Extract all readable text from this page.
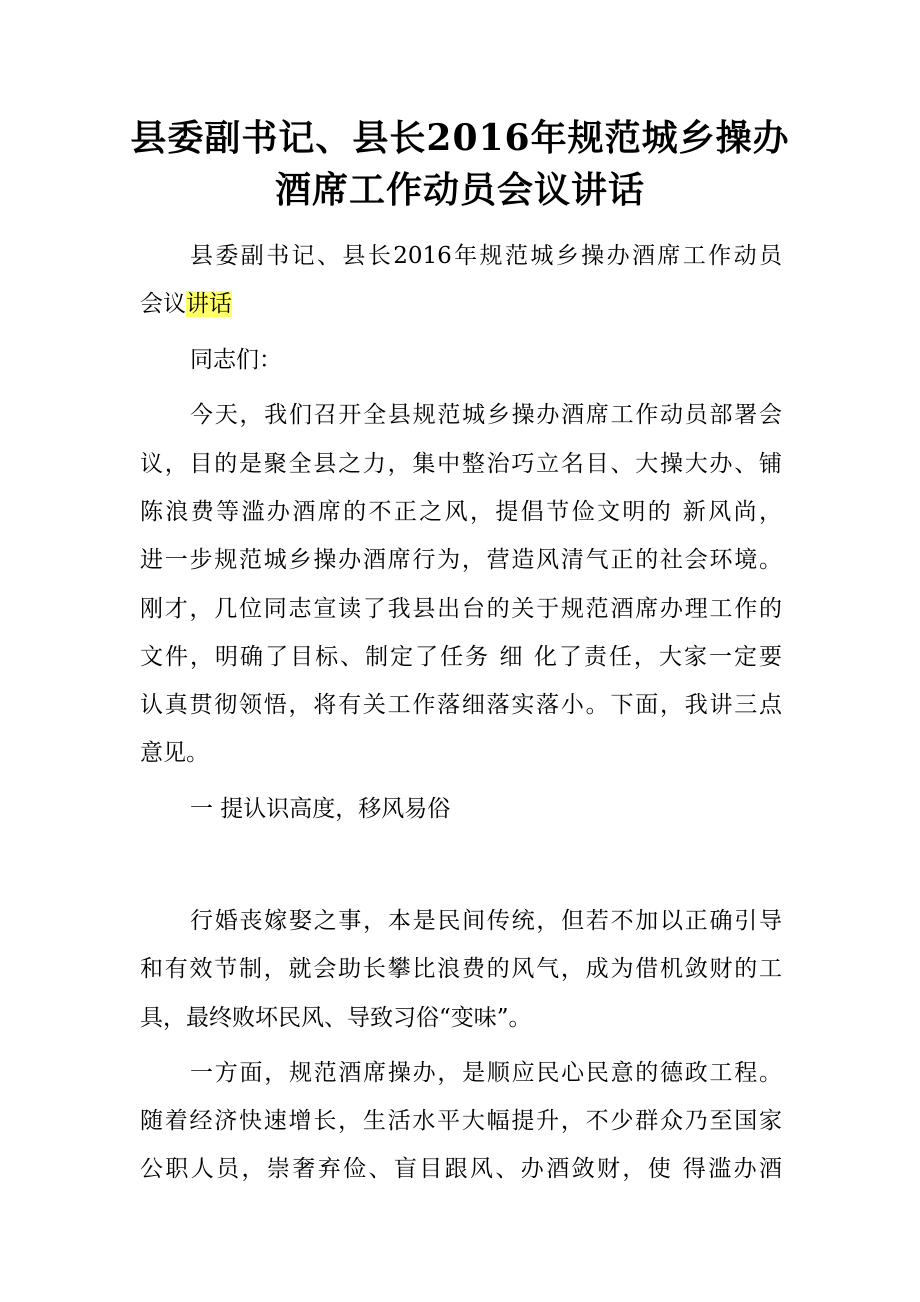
县委副书记、县长2016年规范城乡操办
酒席工作动员会议讲话
县委副书记、县长2016年规范城乡操办酒席工作动员
会议讲话
同志们：
今天，我们召开全县规范城乡操办酒席工作动员部署会
议，目的是聚全县之力，集中整治巧立名目、大操大办、铺
陈浪费等滥办酒席的不正之风，提倡节俭文明的 新风尚，
进一步规范城乡操办酒席行为，营造风清气正的社会环境。
刚才，几位同志宣读了我县出台的关于规范酒席办理工作的
文件，明确了目标、制定了任务 细 化了责任，大家一定要
认真贯彻领悟，将有关工作落细落实落小。下面，我讲三点
意见。
一 提认识高度，移风易俗
行婚丧嫁娶之事，本是民间传统，但若不加以正确引导
和有效节制，就会助长攀比浪费的风气，成为借机敛财的工
具，最终败坏民风、导致习俗“变味”。
一方面，规范酒席操办，是顺应民心民意的德政工程。
随着经济快速增长，生活水平大幅提升，不少群众乃至国家
公职人员，崇奢弃俭、盲目跟风、办酒敛财，使 得滥办酒
